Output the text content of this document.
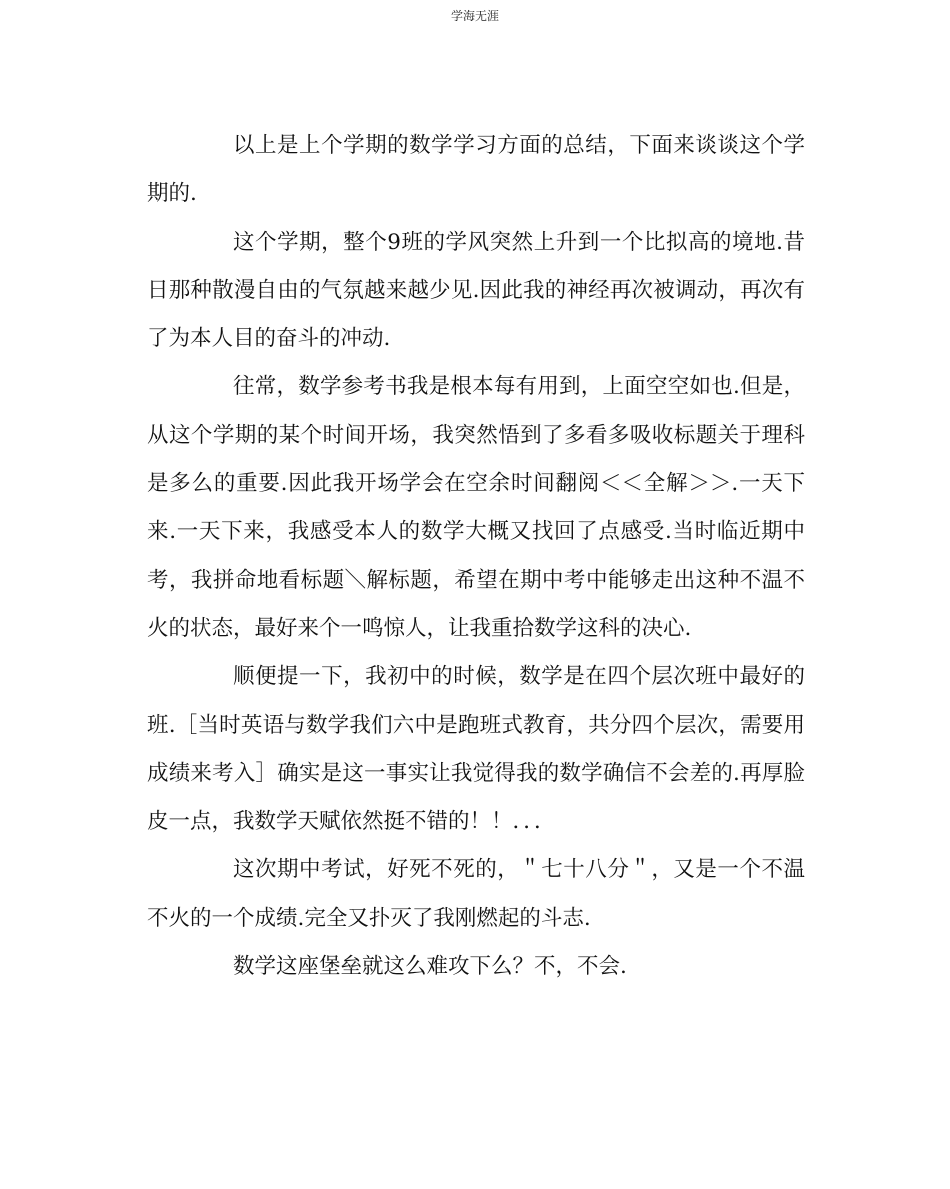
学海无涯

以上是上个学期的数学学习方面的总结，下面来谈谈这个学期的.

这个学期，整个9班的学风突然上升到一个比拟高的境地.昔日那种散漫自由的气氛越来越少见.因此我的神经再次被调动，再次有了为本人目的奋斗的冲动.

往常，数学参考书我是根本每有用到，上面空空如也.但是，从这个学期的某个时间开场，我突然悟到了多看多吸收标题关于理科是多么的重要.因此我开场学会在空余时间翻阅＜＜全解＞＞.一天下来.一天下来，我感受本人的数学大概又找回了点感受.当时临近期中考，我拼命地看标题＼解标题，希望在期中考中能够走出这种不温不火的状态，最好来个一鸣惊人，让我重拾数学这科的决心.

顺便提一下，我初中的时候，数学是在四个层次班中最好的班.［当时英语与数学我们六中是跑班式教育，共分四个层次，需要用成绩来考入］确实是这一事实让我觉得我的数学确信不会差的.再厚脸皮一点，我数学天赋依然挺不错的！！．．．

这次期中考试，好死不死的，＂七十八分＂，又是一个不温不火的一个成绩.完全又扑灭了我刚燃起的斗志.

数学这座堡垒就这么难攻下么？不，不会.
